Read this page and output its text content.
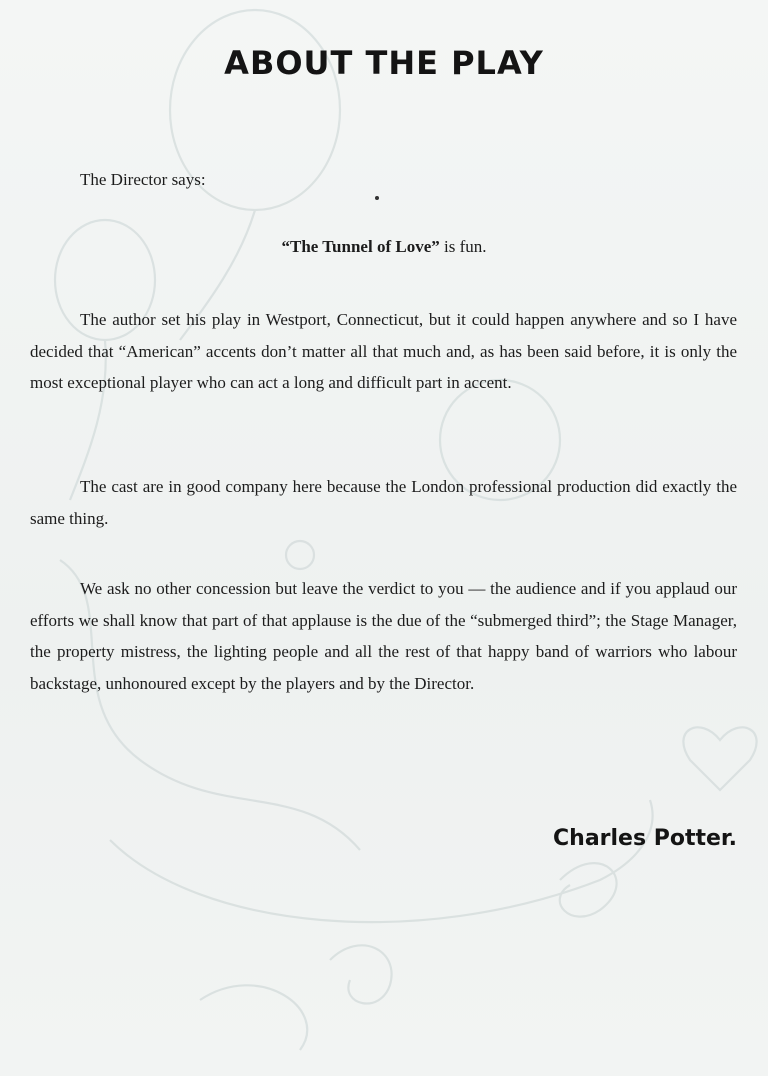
ABOUT THE PLAY
The Director says:
“The Tunnel of Love” is fun.

The author set his play in Westport, Connecticut, but it could happen anywhere and so I have decided that “American” accents don’t matter all that much and, as has been said before, it is only the most exceptional player who can act a long and difficult part in accent.

The cast are in good company here because the London professional production did exactly the same thing.

We ask no other concession but leave the verdict to you — the audience and if you applaud our efforts we shall know that part of that applause is the due of the “submerged third”; the Stage Manager, the property mistress, the lighting people and all the rest of that happy band of warriors who labour backstage, unhonoured except by the players and by the Director.

Charles Potter.
